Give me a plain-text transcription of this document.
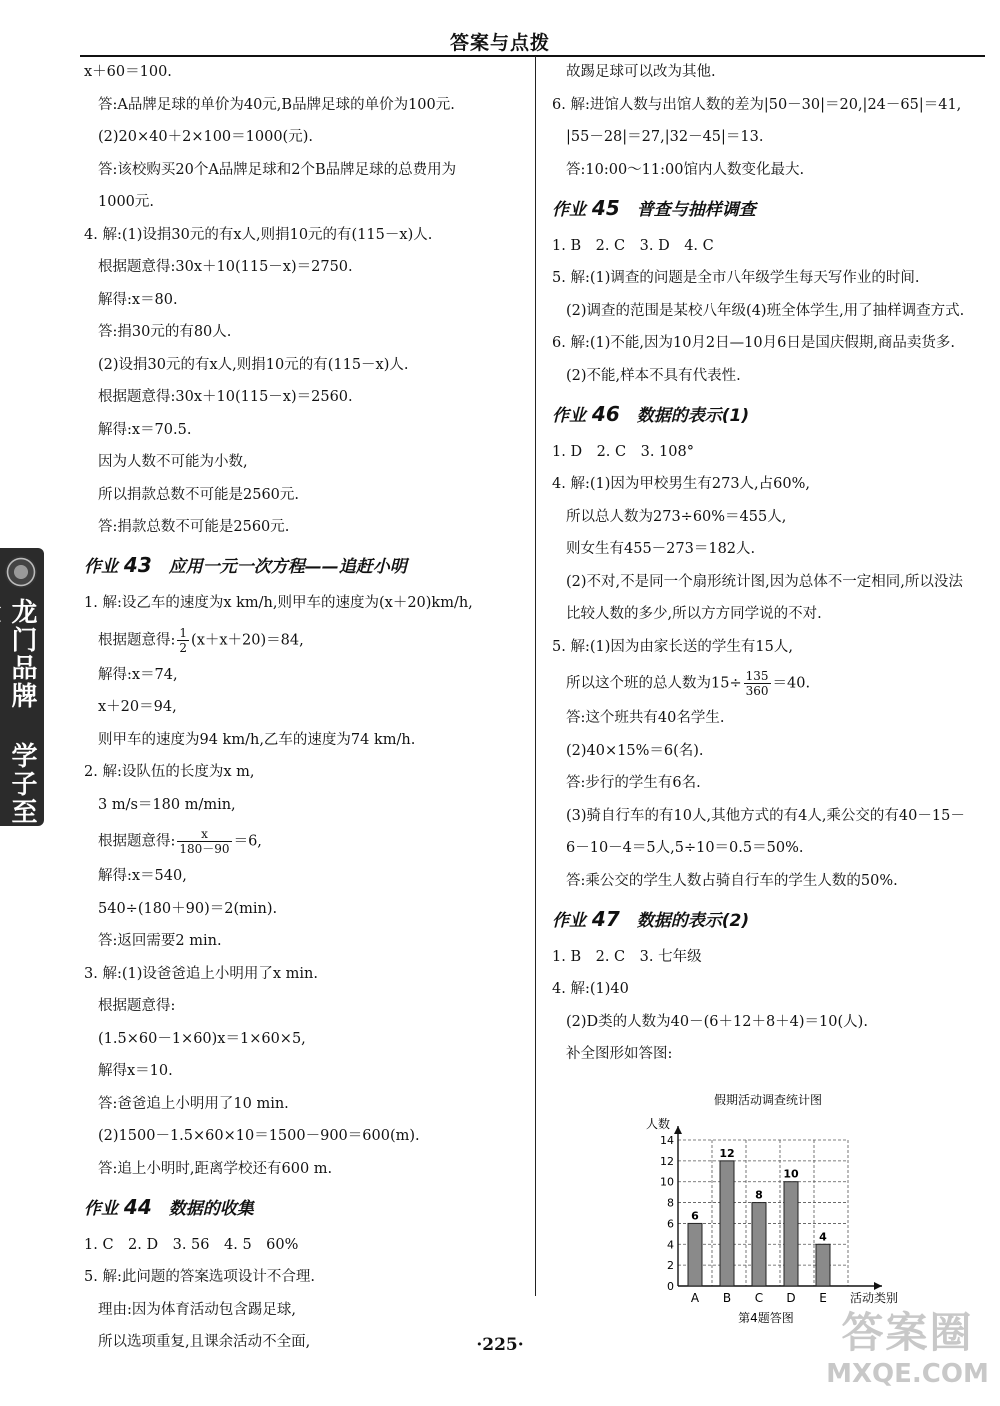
答案与点拨
龙门品牌 学子至
x＋60＝100.
答:A品牌足球的单价为40元,B品牌足球的单价为100元.
(2)20×40＋2×100＝1000(元).
答:该校购买20个A品牌足球和2个B品牌足球的总费用为
1000元.
4. 解:(1)设捐30元的有x人,则捐10元的有(115－x)人.
根据题意得:30x＋10(115－x)＝2750.
解得:x＝80.
答:捐30元的有80人.
(2)设捐30元的有x人,则捐10元的有(115－x)人.
根据题意得:30x＋10(115－x)＝2560.
解得:x＝70.5.
因为人数不可能为小数,
所以捐款总数不可能是2560元.
答:捐款总数不可能是2560元.
作业 43　应用一元一次方程——追赶小明
1. 解:设乙车的速度为x km/h,则甲车的速度为(x＋20)km/h,
根据题意得: $\frac{1}{2} (x+x+20)=84$,
解得:x＝74,
x＋20＝94,
则甲车的速度为94 km/h,乙车的速度为74 km/h.
2. 解:设队伍的长度为x m,
3 m/s＝180 m/min,
根据题意得: $\frac{x}{180-90} =6$,
解得:x＝540,
540÷(180＋90)＝2(min).
答:返回需要2 min.
3. 解:(1)设爸爸追上小明用了x min.
根据题意得:
(1.5×60－1×60)x＝1×60×5,
解得x＝10.
答:爸爸追上小明用了10 min.
(2)1500－1.5×60×10＝1500－900＝600(m).
答:追上小明时,距离学校还有600 m.
作业 44　数据的收集
1. C　2. D　3. 56　4. 5　60%
5. 解:此问题的答案选项设计不合理.
理由:因为体育活动包含踢足球,
所以选项重复,且课余活动不全面,
故踢足球可以改为其他.
6. 解:进馆人数与出馆人数的差为|50－30|＝20,|24－65|＝41,
|55－28|＝27,|32－45|＝13.
答:10:00～11:00馆内人数变化最大.
作业 45　普查与抽样调查
1. B　2. C　3. D　4. C
5. 解:(1)调查的问题是全市八年级学生每天写作业的时间.
(2)调查的范围是某校八年级(4)班全体学生,用了抽样调查方式.
6. 解:(1)不能,因为10月2日—10月6日是国庆假期,商品卖货多.
(2)不能,样本不具有代表性.
作业 46　数据的表示(1)
1. D　2. C　3. 108°
4. 解:(1)因为甲校男生有273人,占60%,
所以总人数为273÷60%＝455人,
则女生有455－273＝182人.
(2)不对,不是同一个扇形统计图,因为总体不一定相同,所以没法
比较人数的多少,所以方方同学说的不对.
5. 解:(1)因为由家长送的学生有15人,
所以这个班的总人数为$15\div \frac{135}{360} =40$.
答:这个班共有40名学生.
(2)40×15%＝6(名).
答:步行的学生有6名.
(3)骑自行车的有10人,其他方式的有4人,乘公交的有40－15－
6－10－4＝5人,5÷10＝0.5＝50%.
答:乘公交的学生人数占骑自行车的学生人数的50%.
作业 47　数据的表示(2)
1. B　2. C　3. 七年级
4. 解:(1)40
(2)D类的人数为40－(6＋12＋8＋4)＝10(人).
补全图形如答图:
假期活动调查统计图
人数
0
2
4
6
8
10
12
14
6
A
12
B
8
C
10
D
4
E 活动类别
第4题答图
·225·	答案圈
MXQE.COM
